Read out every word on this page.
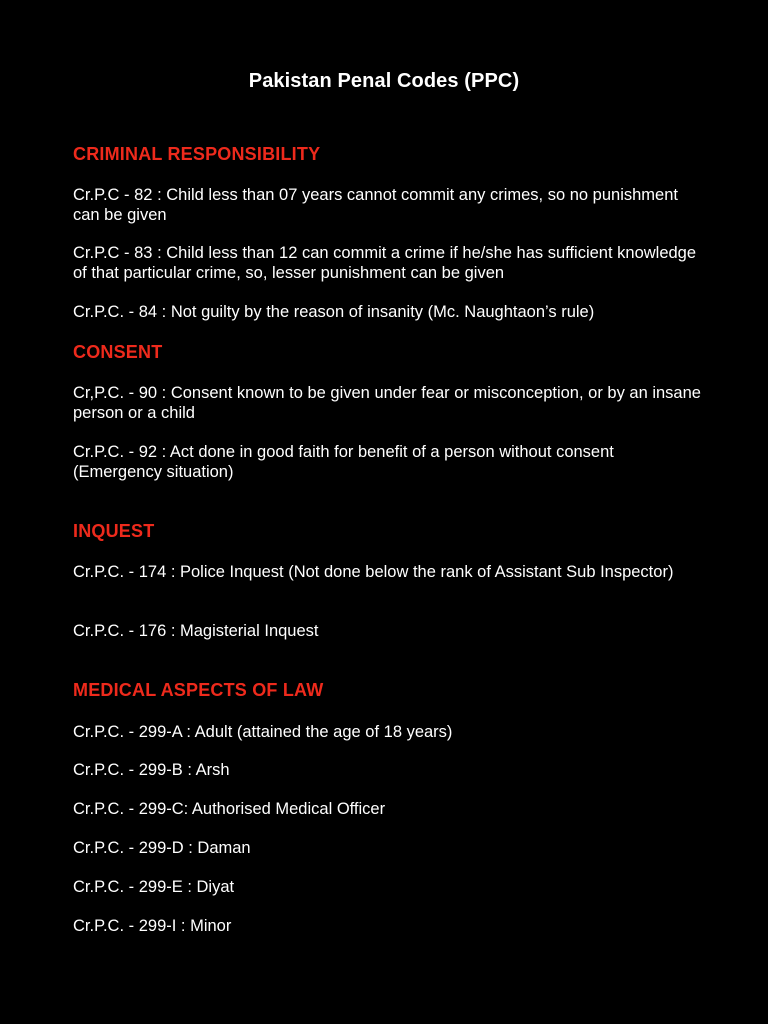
Pakistan Penal Codes (PPC)
CRIMINAL RESPONSIBILITY

Cr.P.C - 82 : Child less than 07 years cannot commit any crimes, so no punishment can be given

Cr.P.C - 83 : Child less than 12 can commit a crime if he/she has sufficient knowledge of that particular crime, so, lesser punishment can be given

Cr.P.C. - 84 : Not guilty by the reason of insanity (Mc. Naughtaon’s rule)

CONSENT

Cr,P.C. - 90 : Consent known to be given under fear or misconception, or by an insane person or a child

Cr.P.C. - 92 : Act done in good faith for benefit of a person without consent (Emergency situation)

INQUEST

Cr.P.C. - 174 : Police Inquest (Not done below the rank of Assistant Sub Inspector)

Cr.P.C. - 176 : Magisterial Inquest

MEDICAL ASPECTS OF LAW

Cr.P.C. - 299-A : Adult (attained the age of 18 years)

Cr.P.C. - 299-B : Arsh

Cr.P.C. - 299-C: Authorised Medical Officer

Cr.P.C. - 299-D : Daman

Cr.P.C. - 299-E : Diyat

Cr.P.C. - 299-I : Minor
